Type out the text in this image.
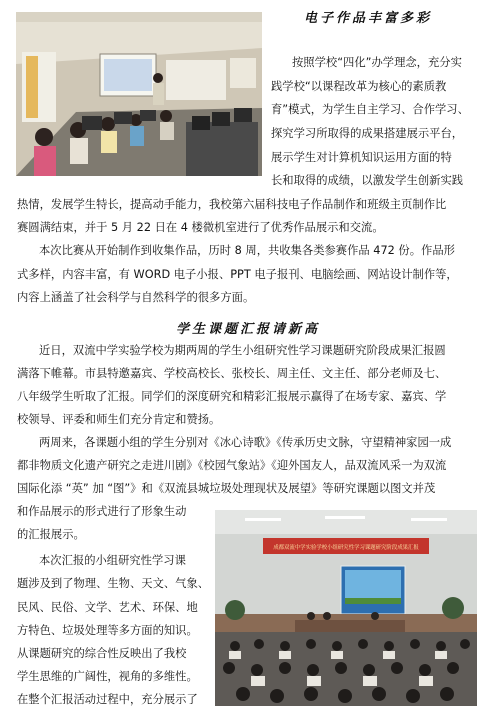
电子作品丰富多彩

按照学校“四化”办学理念，充分实

践学校“以课程改革为核心的素质教

育”模式，为学生自主学习、合作学习、

探究学习所取得的成果搭建展示平台，

展示学生对计算机知识运用方面的特

长和取得的成绩，以激发学生创新实践

热情，发展学生特长，提高动手能力，我校第六届科技电子作品制作和班级主页制作比

赛圆满结束，并于 5 月 22 日在 4 楼微机室进行了优秀作品展示和交流。

本次比赛从开始制作到收集作品，历时 8 周，共收集各类参赛作品 472 份。作品形

式多样，内容丰富，有 WORD 电子小报、PPT 电子报刊、电脑绘画、网站设计制作等，

内容上涵盖了社会科学与自然科学的很多方面。

学生课题汇报请新高

近日，双流中学实验学校为期两周的学生小组研究性学习课题研究阶段成果汇报圆

满落下帷幕。市县特邀嘉宾、学校高校长、张校长、周主任、文主任、部分老师及七、

八年级学生听取了汇报。同学们的深度研究和精彩汇报展示赢得了在场专家、嘉宾、学

校领导、评委和师生们充分肯定和赞扬。

两周来，各课题小组的学生分别对《冰心诗歌》《传承历史文脉，守望精神家园一成

都非物质文化遗产研究之走进川剧》《校园气象站》《迎外国友人，品双流风采一为双流

国际化添 “英” 加 “图”》和《双流县城垃圾处理现状及展望》等研究课题以图文并茂

和作品展示的形式进行了形象生动

的汇报展示。

本次汇报的小组研究性学习课

题涉及到了物理、生物、天文、气象、

民风、民俗、文学、艺术、环保、地

方特色、垃圾处理等多方面的知识。

从课题研究的综合性反映出了我校

学生思维的广阔性，视角的多维性。

在整个汇报活动过程中，充分展示了

成都双流中学实验学校小组研究性学习课题研究阶段成果汇报
